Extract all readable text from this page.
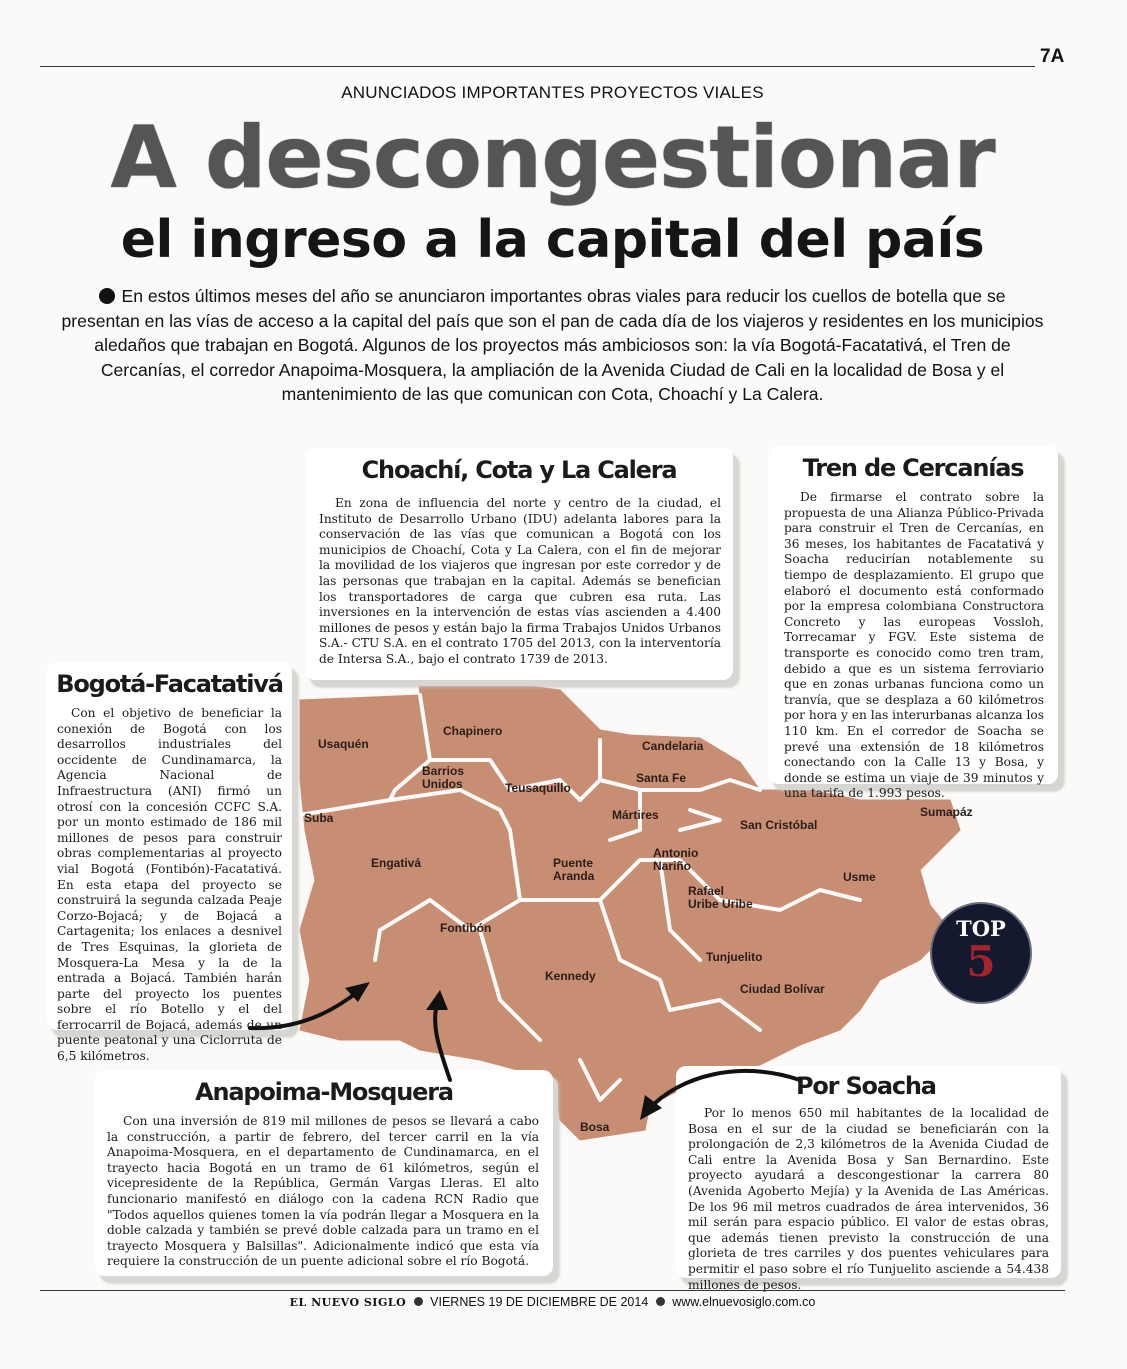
7A
ANUNCIADOS IMPORTANTES PROYECTOS VIALES
A descongestionar
el ingreso a la capital del país
En estos últimos meses del año se anunciaron importantes obras viales para reducir los cuellos de botella que se presentan en las vías de acceso a la capital del país que son el pan de cada día de los viajeros y residentes en los municipios aledaños que trabajan en Bogotá. Algunos de los proyectos más ambiciosos son: la vía Bogotá-Facatativá, el Tren de Cercanías, el corredor Anapoima-Mosquera, la ampliación de la Avenida Ciudad de Cali en la localidad de Bosa y el mantenimiento de las que comunican con Cota, Choachí y La Calera.
Usaquén
Chapinero
Barrios Unidos	Teusaquillo
Candelaria
Santa Fe
Suba	Mártires
San Cristóbal
Sumapáz
Antonio Nariño
Puente Aranda
Engativá
Usme
Rafael Uribe Uribe
Fontibón
Tunjuelito
Kennedy
Ciudad Bolívar
Bosa
Choachí, Cota y La Calera

En zona de influencia del norte y centro de la ciudad, el Instituto de Desarrollo Urbano (IDU) adelanta labores para la conservación de las vías que comunican a Bogotá con los municipios de Choachí, Cota y La Calera, con el fin de mejorar la movilidad de los viajeros que ingresan por este corredor y de las personas que trabajan en la capital. Además se benefician los transportadores de carga que cubren esa ruta. Las inversiones en la intervención de estas vías ascienden a 4.400 millones de pesos y están bajo la firma Trabajos Unidos Urbanos S.A.- CTU S.A. en el contrato 1705 del 2013, con la interventoría de Intersa S.A., bajo el contrato 1739 de 2013.

Tren de Cercanías

De firmarse el contrato sobre la propuesta de una Alianza Público-Privada para construir el Tren de Cercanías, en 36 meses, los habitantes de Facatativá y Soacha reducirían notablemente su tiempo de desplazamiento. El grupo que elaboró el documento está conformado por la empresa colombiana Constructora Concreto y las europeas Vossloh, Torrecamar y FGV. Este sistema de transporte es conocido como tren tram, debido a que es un sistema ferroviario que en zonas urbanas funciona como un tranvía, que se desplaza a 60 kilómetros por hora y en las interurbanas alcanza los 110 km. En el corredor de Soacha se prevé una extensión de 18 kilómetros conectando con la Calle 13 y Bosa, y donde se estima un viaje de 39 minutos y una tarifa de 1.993 pesos.

Bogotá-Facatativá

Con el objetivo de beneficiar la conexión de Bogotá con los desarrollos industriales del occidente de Cundinamarca, la Agencia Nacional de Infraestructura (ANI) firmó un otrosí con la concesión CCFC S.A. por un monto estimado de 186 mil millones de pesos para construir obras complementarias al proyecto vial Bogotá (Fontibón)-Facatativá. En esta etapa del proyecto se construirá la segunda calzada Peaje Corzo-Bojacá; y de Bojacá a Cartagenita; los enlaces a desnivel de Tres Esquinas, la glorieta de Mosquera-La Mesa y la de la entrada a Bojacá. También harán parte del proyecto los puentes sobre el río Botello y el del ferrocarril de Bojacá, además de un puente peatonal y una Ciclorruta de 6,5 kilómetros.

Anapoima-Mosquera

Con una inversión de 819 mil millones de pesos se llevará a cabo la construcción, a partir de febrero, del tercer carril en la vía Anapoima-Mosquera, en el departamento de Cundinamarca, en el trayecto hacia Bogotá en un tramo de 61 kilómetros, según el vicepresidente de la República, Germán Vargas Lleras. El alto funcionario manifestó en diálogo con la cadena RCN Radio que "Todos aquellos quienes tomen la vía podrán llegar a Mosquera en la doble calzada y también se prevé doble calzada para un tramo en el trayecto Mosquera y Balsillas". Adicionalmente indicó que esta vía requiere la construcción de un puente adicional sobre el río Bogotá.

Por Soacha

Por lo menos 650 mil habitantes de la localidad de Bosa en el sur de la ciudad se beneficiarán con la prolongación de 2,3 kilómetros de la Avenida Ciudad de Cali entre la Avenida Bosa y San Bernardino. Este proyecto ayudará a descongestionar la carrera 80 (Avenida Agoberto Mejía) y la Avenida de Las Américas. De los 96 mil metros cuadrados de área intervenidos, 36 mil serán para espacio público. El valor de estas obras, que además tienen previsto la construcción de una glorieta de tres carriles y dos puentes vehiculares para permitir el paso sobre el río Tunjuelito asciende a 54.438 millones de pesos.

TOP
5
EL NUEVO SIGLO VIERNES 19 DE DICIEMBRE DE 2014 www.elnuevosiglo.com.co
